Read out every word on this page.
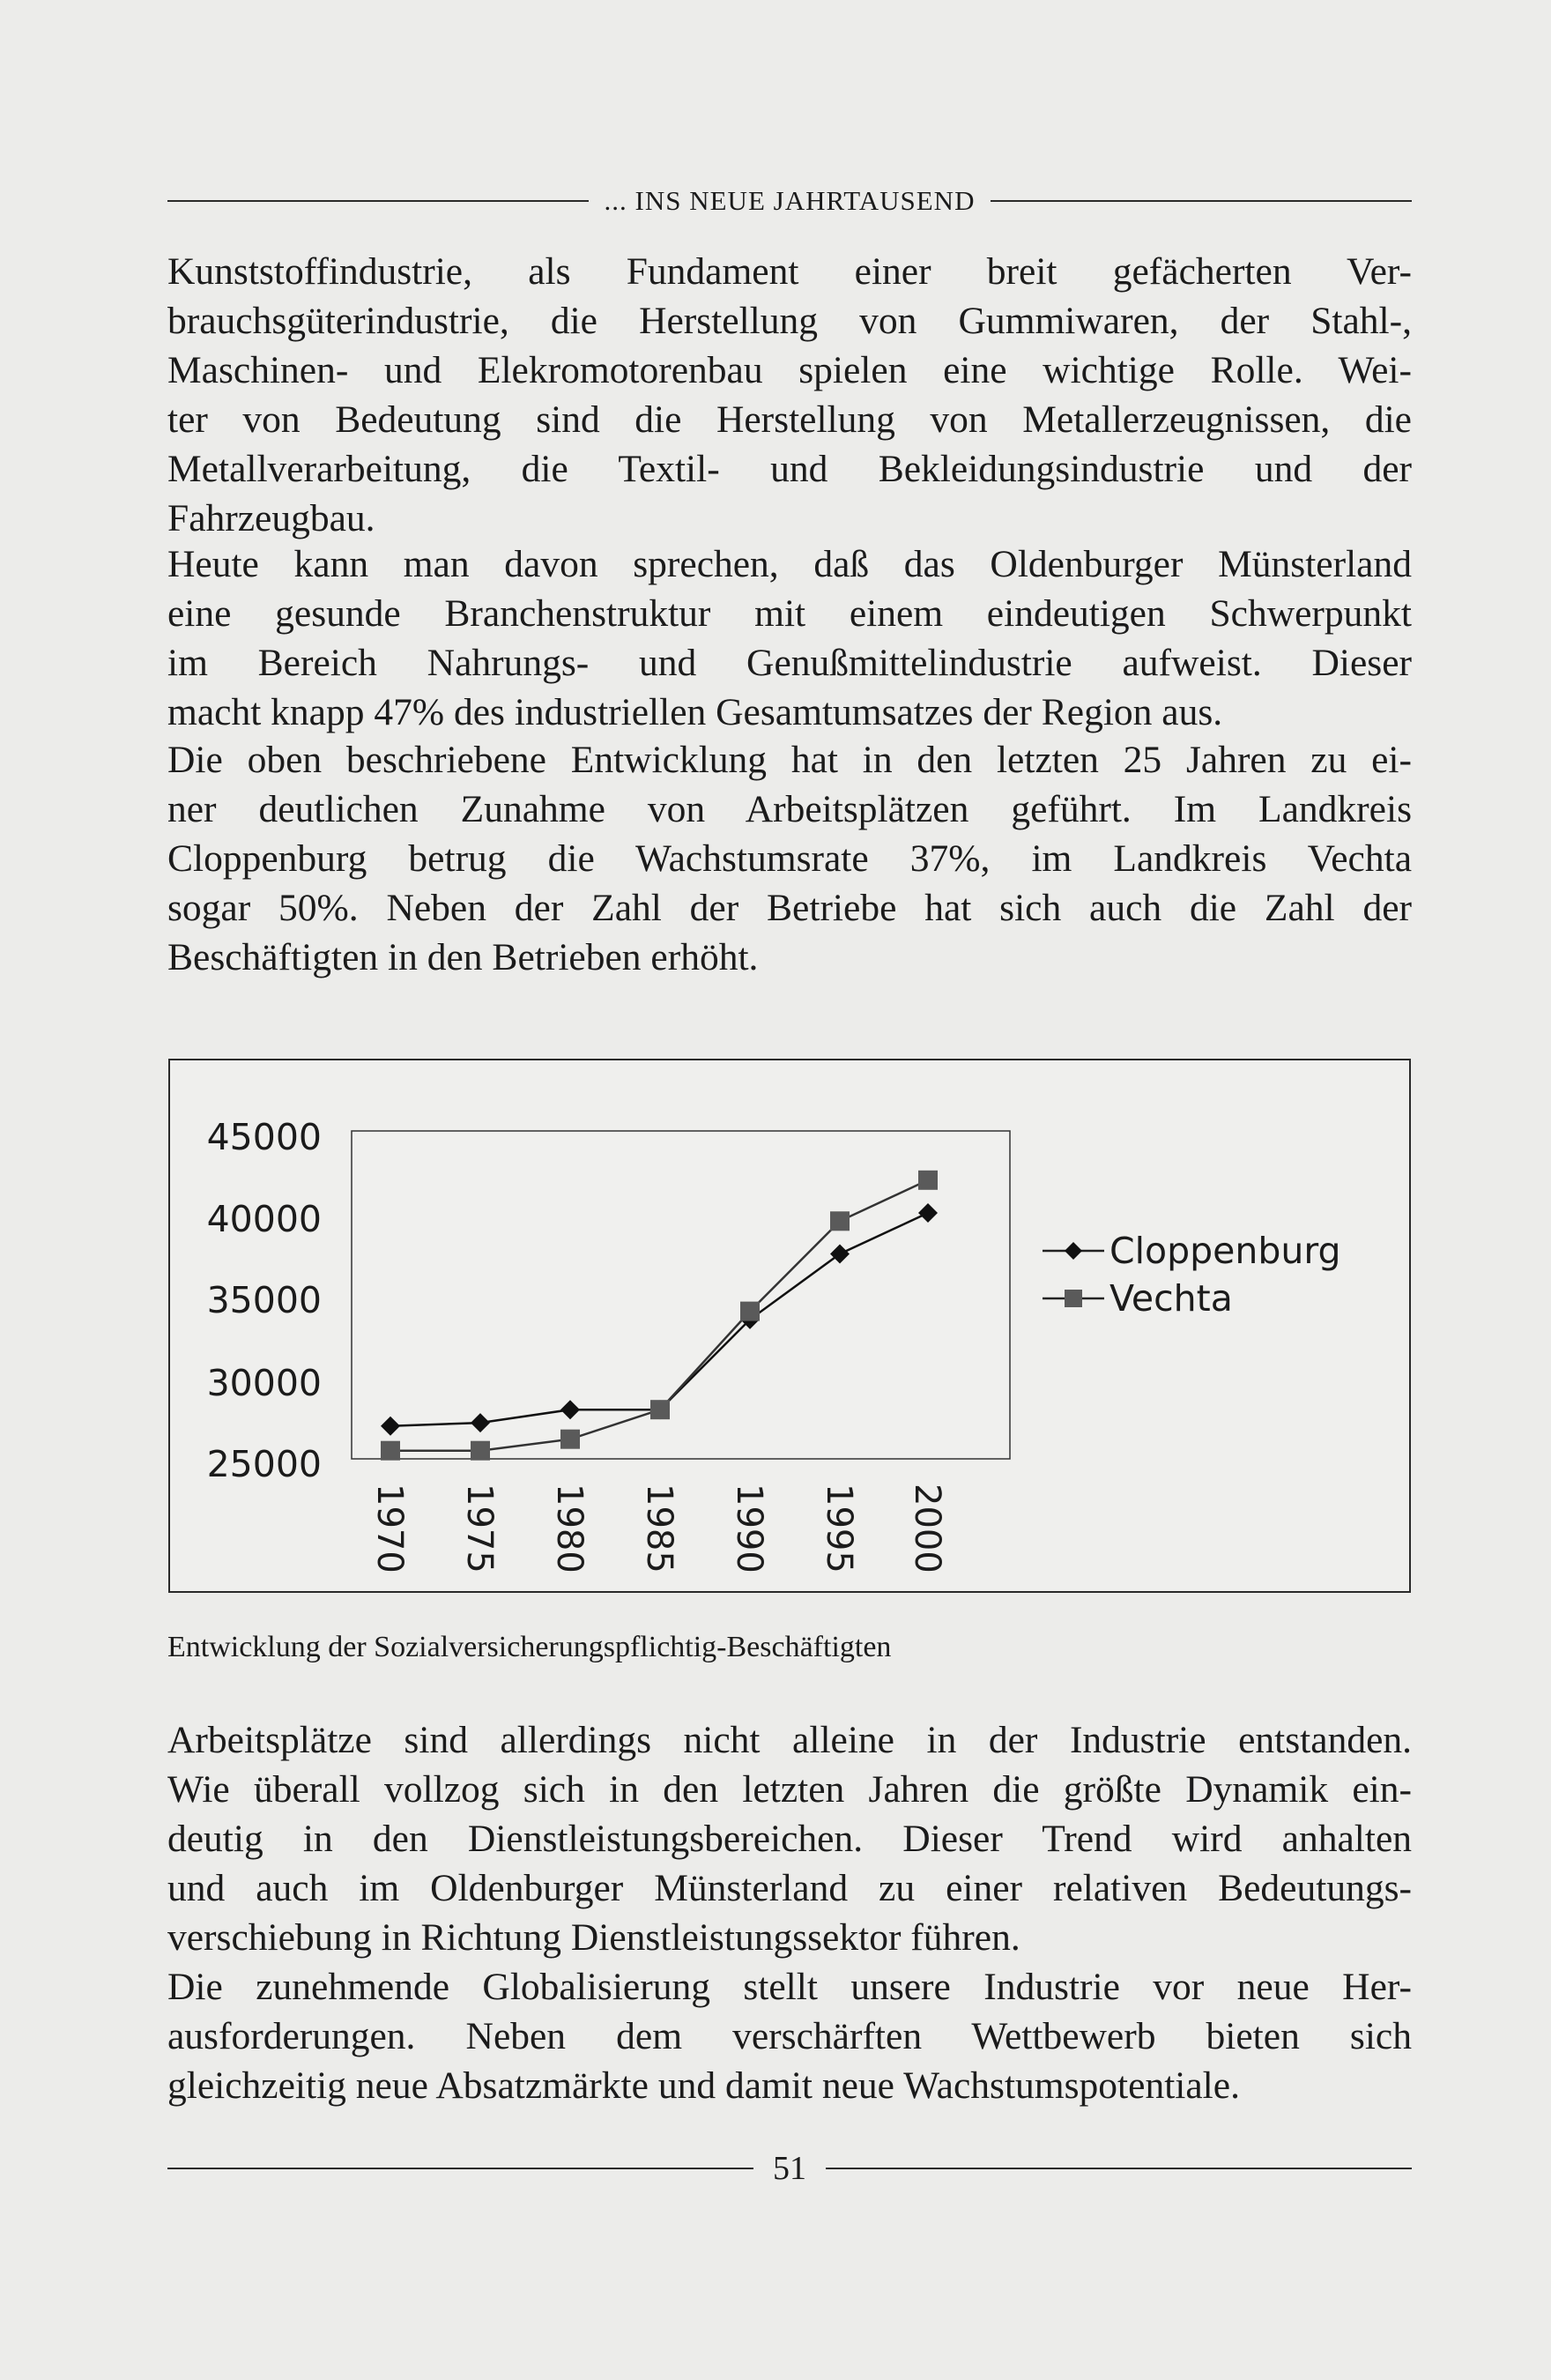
... INS NEUE JAHRTAUSEND

Kunststoffindustrie, als Fundament einer breit gefächerten Ver-
brauchsgüterindustrie, die Herstellung von Gummiwaren, der Stahl-,
Maschinen- und Elekromotorenbau spielen eine wichtige Rolle. Wei-
ter von Bedeutung sind die Herstellung von Metallerzeugnissen, die
Metallverarbeitung, die Textil- und Bekleidungsindustrie und der
Fahrzeugbau.

Heute kann man davon sprechen, daß das Oldenburger Münsterland
eine gesunde Branchenstruktur mit einem eindeutigen Schwerpunkt
im Bereich Nahrungs- und Genußmittelindustrie aufweist. Dieser
macht knapp 47% des industriellen Gesamtumsatzes der Region aus.

Die oben beschriebene Entwicklung hat in den letzten 25 Jahren zu ei-
ner deutlichen Zunahme von Arbeitsplätzen geführt. Im Landkreis
Cloppenburg betrug die Wachstumsrate 37%, im Landkreis Vechta
sogar 50%. Neben der Zahl der Betriebe hat sich auch die Zahl der
Beschäftigten in den Betrieben erhöht.

45000
40000
35000
30000
25000
1970 1975 1980 1985 1990 1995 2000
Cloppenburg
Vechta
Entwicklung der Sozialversicherungspflichtig-Beschäftigten

Arbeitsplätze sind allerdings nicht alleine in der Industrie entstanden.
Wie überall vollzog sich in den letzten Jahren die größte Dynamik ein-
deutig in den Dienstleistungsbereichen. Dieser Trend wird anhalten
und auch im Oldenburger Münsterland zu einer relativen Bedeutungs-
verschiebung in Richtung Dienstleistungssektor führen.

Die zunehmende Globalisierung stellt unsere Industrie vor neue Her-
ausforderungen. Neben dem verschärften Wettbewerb bieten sich
gleichzeitig neue Absatzmärkte und damit neue Wachstumspotentiale.

51
